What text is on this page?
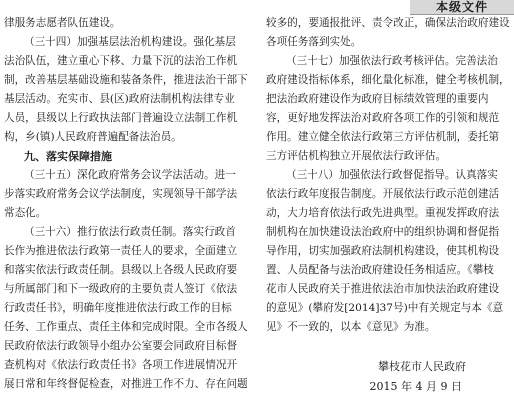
本级文件
律服务志愿者队伍建设。
（三十四）加强基层法治机构建设。强化基层
法治队伍，建立重心下移、力量下沉的法治工作机
制，改善基层基础设施和装备条件，推进法治干部下
基层活动。充实市、县(区)政府法制机构法律专业
人员，县级以上行政执法部门普遍设立法制工作机
构，乡(镇)人民政府普遍配备法治员。
九、落实保障措施
（三十五）深化政府常务会议学法活动。进一
步落实政府常务会议学法制度，实现领导干部学法
常态化。
（三十六）推行依法行政责任制。落实行政首
长作为推进依法行政第一责任人的要求，全面建立
和落实依法行政责任制。县级以上各级人民政府要
与所属部门和下一级政府的主要负责人签订《依法
行政责任书》，明确年度推进依法行政工作的目标
任务、工作重点、责任主体和完成时限。全市各级人
民政府依法行政领导小组办公室要会同政府目标督
查机构对《依法行政责任书》各项工作进展情况开
展日常和年终督促检查，对推进工作不力、存在问题
较多的，要通报批评、责令改正，确保法治政府建设
各项任务落到实处。
（三十七）加强依法行政考核评估。完善法治
政府建设指标体系，细化量化标准，健全考核机制，
把法治政府建设作为政府目标绩效管理的重要内
容，更好地发挥法治对政府各项工作的引领和规范
作用。建立健全依法行政第三方评估机制，委托第
三方评估机构独立开展依法行政评估。
（三十八）加强依法行政督促指导。认真落实
依法行政年度报告制度。开展依法行政示范创建活
动，大力培育依法行政先进典型。重视发挥政府法
制机构在加快建设法治政府中的组织协调和督促指
导作用，切实加强政府法制机构建设，使其机构设
置、人员配备与法治政府建设任务相适应。《攀枝
花市人民政府关于推进依法治市加快法治政府建设
的意见》(攀府发[2014]37号)中有关规定与本《意
见》不一致的，以本《意见》为准。
攀枝花市人民政府
2015 年 4 月 9 日
